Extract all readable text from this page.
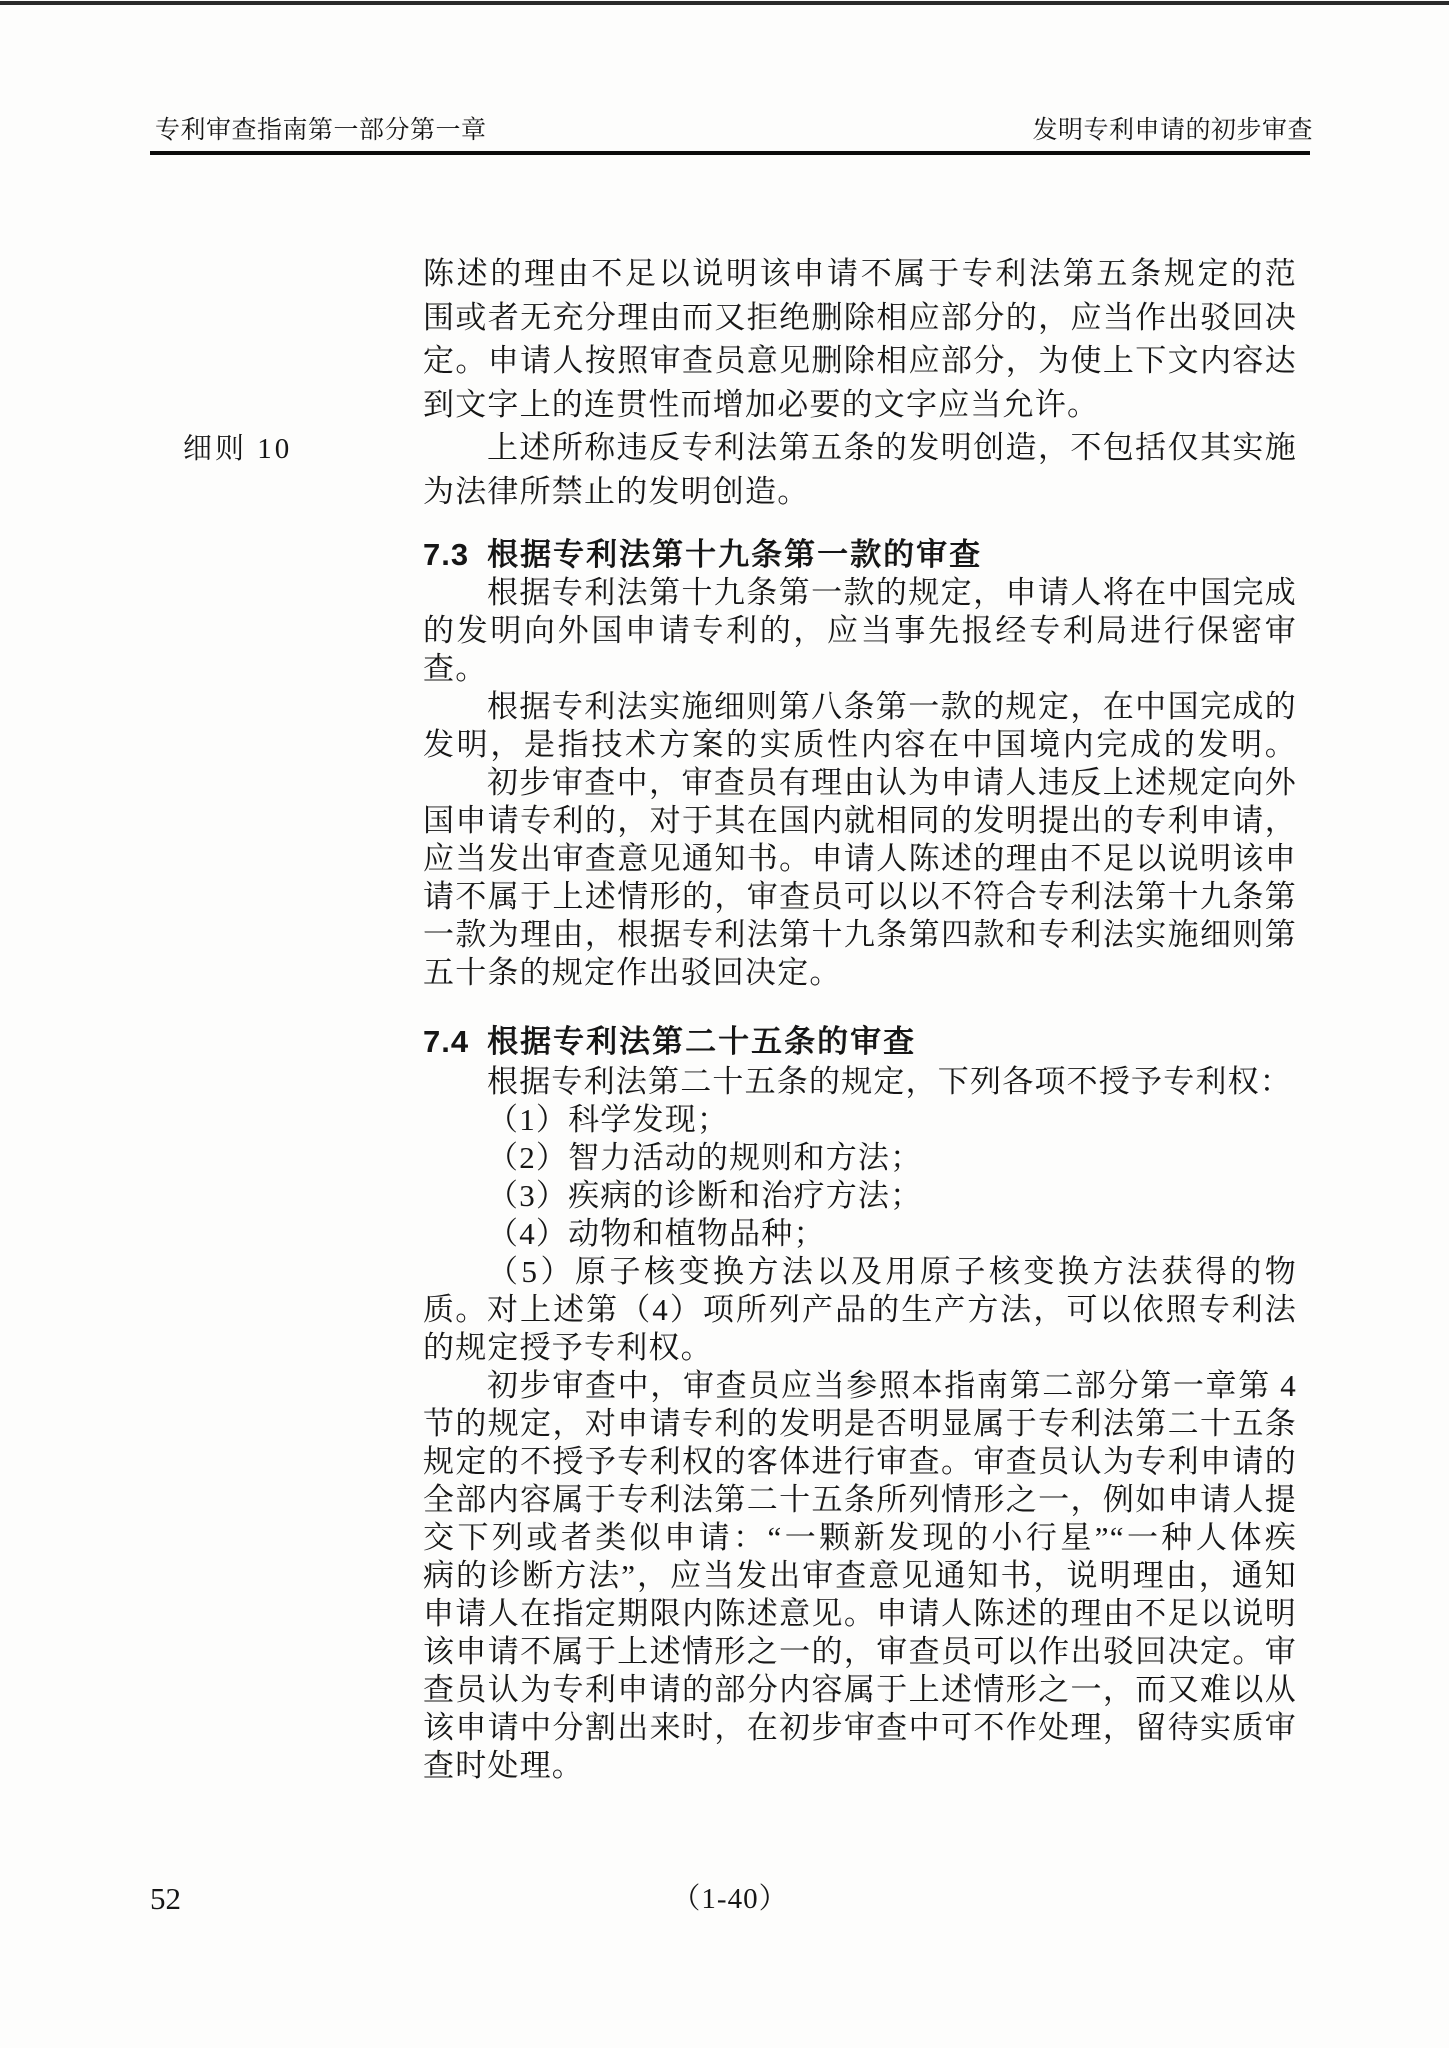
专利审查指南第一部分第一章	发明专利申请的初步审查
细则 10
陈述的理由不足以说明该申请不属于专利法第五条规定的范
围或者无充分理由而又拒绝删除相应部分的，应当作出驳回决
定。申请人按照审查员意见删除相应部分，为使上下文内容达
到文字上的连贯性而增加必要的文字应当允许。
上述所称违反专利法第五条的发明创造，不包括仅其实施
为法律所禁止的发明创造。
7.3 根据专利法第十九条第一款的审查
根据专利法第十九条第一款的规定，申请人将在中国完成
的发明向外国申请专利的，应当事先报经专利局进行保密审
查。
根据专利法实施细则第八条第一款的规定，在中国完成的
发明，是指技术方案的实质性内容在中国境内完成的发明。
初步审查中，审查员有理由认为申请人违反上述规定向外
国申请专利的，对于其在国内就相同的发明提出的专利申请，
应当发出审查意见通知书。申请人陈述的理由不足以说明该申
请不属于上述情形的，审查员可以以不符合专利法第十九条第
一款为理由，根据专利法第十九条第四款和专利法实施细则第
五十条的规定作出驳回决定。
7.4 根据专利法第二十五条的审查
根据专利法第二十五条的规定，下列各项不授予专利权：
（1）科学发现；
（2）智力活动的规则和方法；
（3）疾病的诊断和治疗方法；
（4）动物和植物品种；
（5）原子核变换方法以及用原子核变换方法获得的物质。 对上述第（4）项所列产品的生产方法，可以依照专利法
的规定授予专利权。
初步审查中，审查员应当参照本指南第二部分第一章第 4
节的规定，对申请专利的发明是否明显属于专利法第二十五条
规定的不授予专利权的客体进行审查。审查员认为专利申请的
全部内容属于专利法第二十五条所列情形之一，例如申请人提
交下列或者类似申请：“一颗新发现的小行星”“一种人体疾
病的诊断方法”，应当发出审查意见通知书，说明理由，通知
申请人在指定期限内陈述意见。申请人陈述的理由不足以说明
该申请不属于上述情形之一的，审查员可以作出驳回决定。审
查员认为专利申请的部分内容属于上述情形之一，而又难以从
该申请中分割出来时，在初步审查中可不作处理，留待实质审
查时处理。
52	（1-40）
